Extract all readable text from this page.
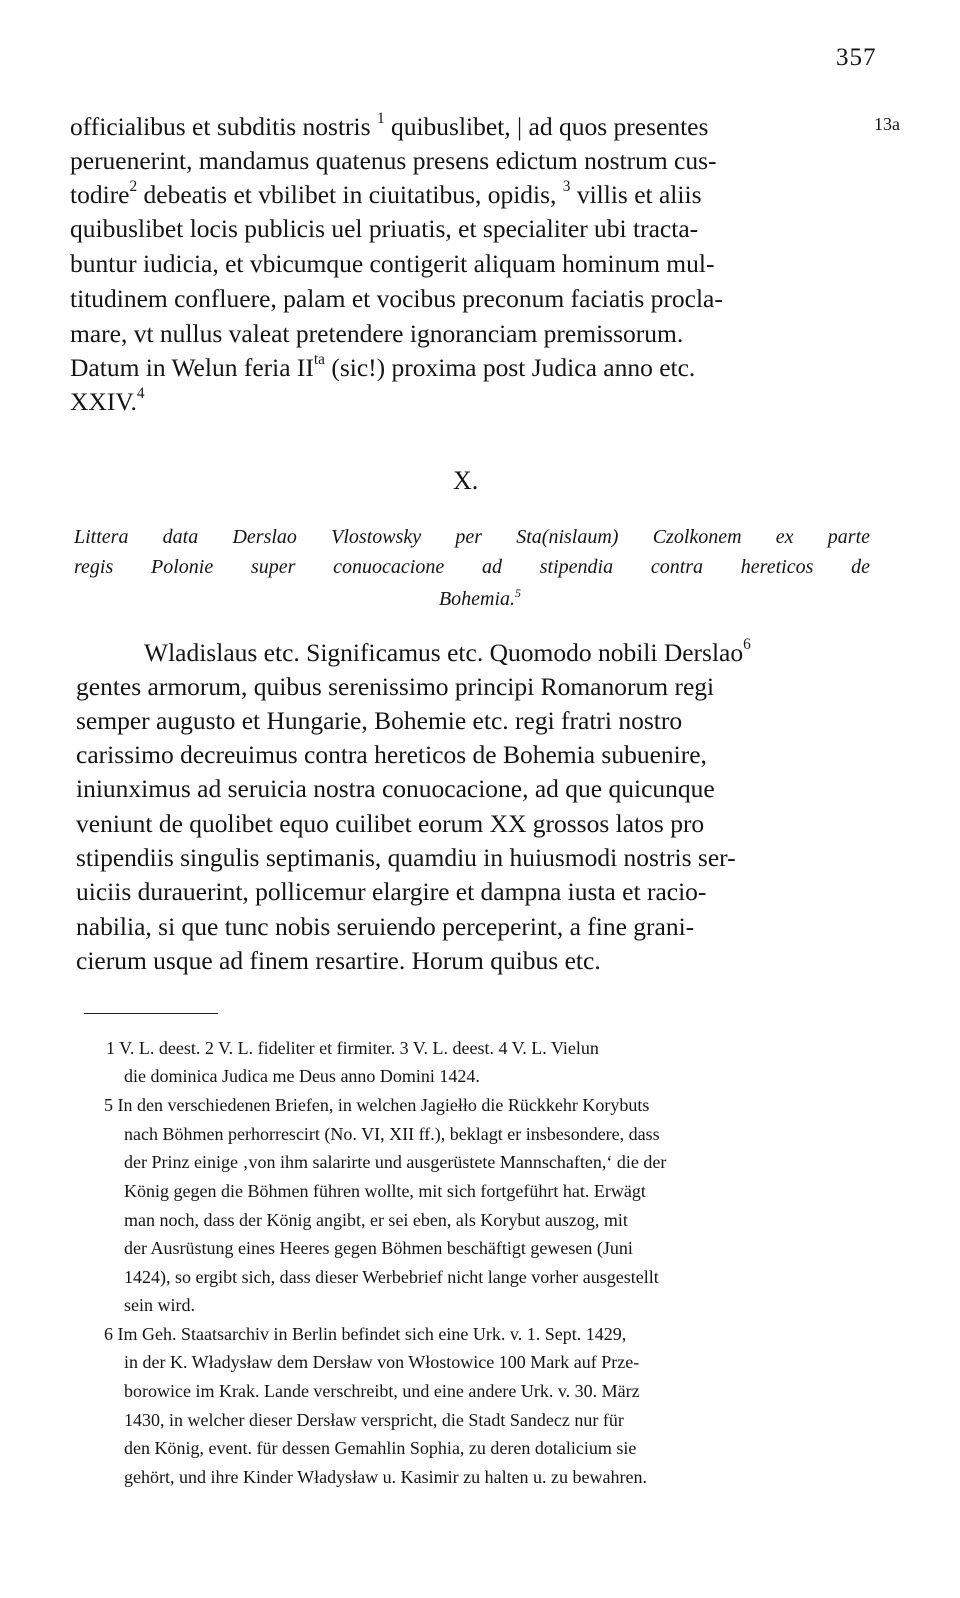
357
13a
officialibus et subditis nostris $^1$ quibuslibet, | ad quos presentes
peruenerint, mandamus quatenus presens edictum nostrum cus-
todire$^2$ debeatis et vbilibet in ciuitatibus, opidis, $^3$ villis et aliis
quibuslibet locis publicis uel priuatis, et specialiter ubi tracta-
buntur iudicia, et vbicumque contigerit aliquam hominum mul-
titudinem confluere, palam et vocibus preconum faciatis procla-
mare, vt nullus valeat pretendere ignoranciam premissorum.
Datum in Welun feria $II^{ta}$ (sic!) proxima post Judica anno etc.
XXIV.$^4$
X.
Littera data Derslao Vlostowsky per Sta(nislaum) Czolkonem ex parte
regis Polonie super conuocacione ad stipendia contra hereticos de
Bohemia.$^5$
Wladislaus etc. Significamus etc. Quomodo nobili Derslao$^6$
gentes armorum, quibus serenissimo principi Romanorum regi
semper augusto et Hungarie, Bohemie etc. regi fratri nostro
carissimo decreuimus contra hereticos de Bohemia subuenire,
iniunximus ad seruicia nostra conuocacione, ad que quicunque
veniunt de quolibet equo cuilibet eorum XX grossos latos pro
stipendiis singulis septimanis, quamdiu in huiusmodi nostris ser-
uiciis durauerint, pollicemur elargire et dampna iusta et racio-
nabilia, si que tunc nobis seruiendo perceperint, a fine grani-
cierum usque ad finem resartire. Horum quibus etc.
1 V. L. deest. 2 V. L. fideliter et firmiter. 3 V. L. deest. 4 V. L. Vielun
die dominica Judica me Deus anno Domini 1424.
5 In den verschiedenen Briefen, in welchen Jagiełło die Rückkehr Korybuts
nach Böhmen perhorrescirt (No. VI, XII ff.), beklagt er insbesondere, dass
der Prinz einige ‚von ihm salarirte und ausgerüstete Mannschaften,‘ die der
König gegen die Böhmen führen wollte, mit sich fortgeführt hat. Erwägt
man noch, dass der König angibt, er sei eben, als Korybut auszog, mit
der Ausrüstung eines Heeres gegen Böhmen beschäftigt gewesen (Juni
1424), so ergibt sich, dass dieser Werbebrief nicht lange vorher ausgestellt
sein wird.
6 Im Geh. Staatsarchiv in Berlin befindet sich eine Urk. v. 1. Sept. 1429,
in der K. Władysław dem Dersław von Włostowice 100 Mark auf Prze-
borowice im Krak. Lande verschreibt, und eine andere Urk. v. 30. März
1430, in welcher dieser Dersław verspricht, die Stadt Sandecz nur für
den König, event. für dessen Gemahlin Sophia, zu deren dotalicium sie
gehört, und ihre Kinder Władysław u. Kasimir zu halten u. zu bewahren.
